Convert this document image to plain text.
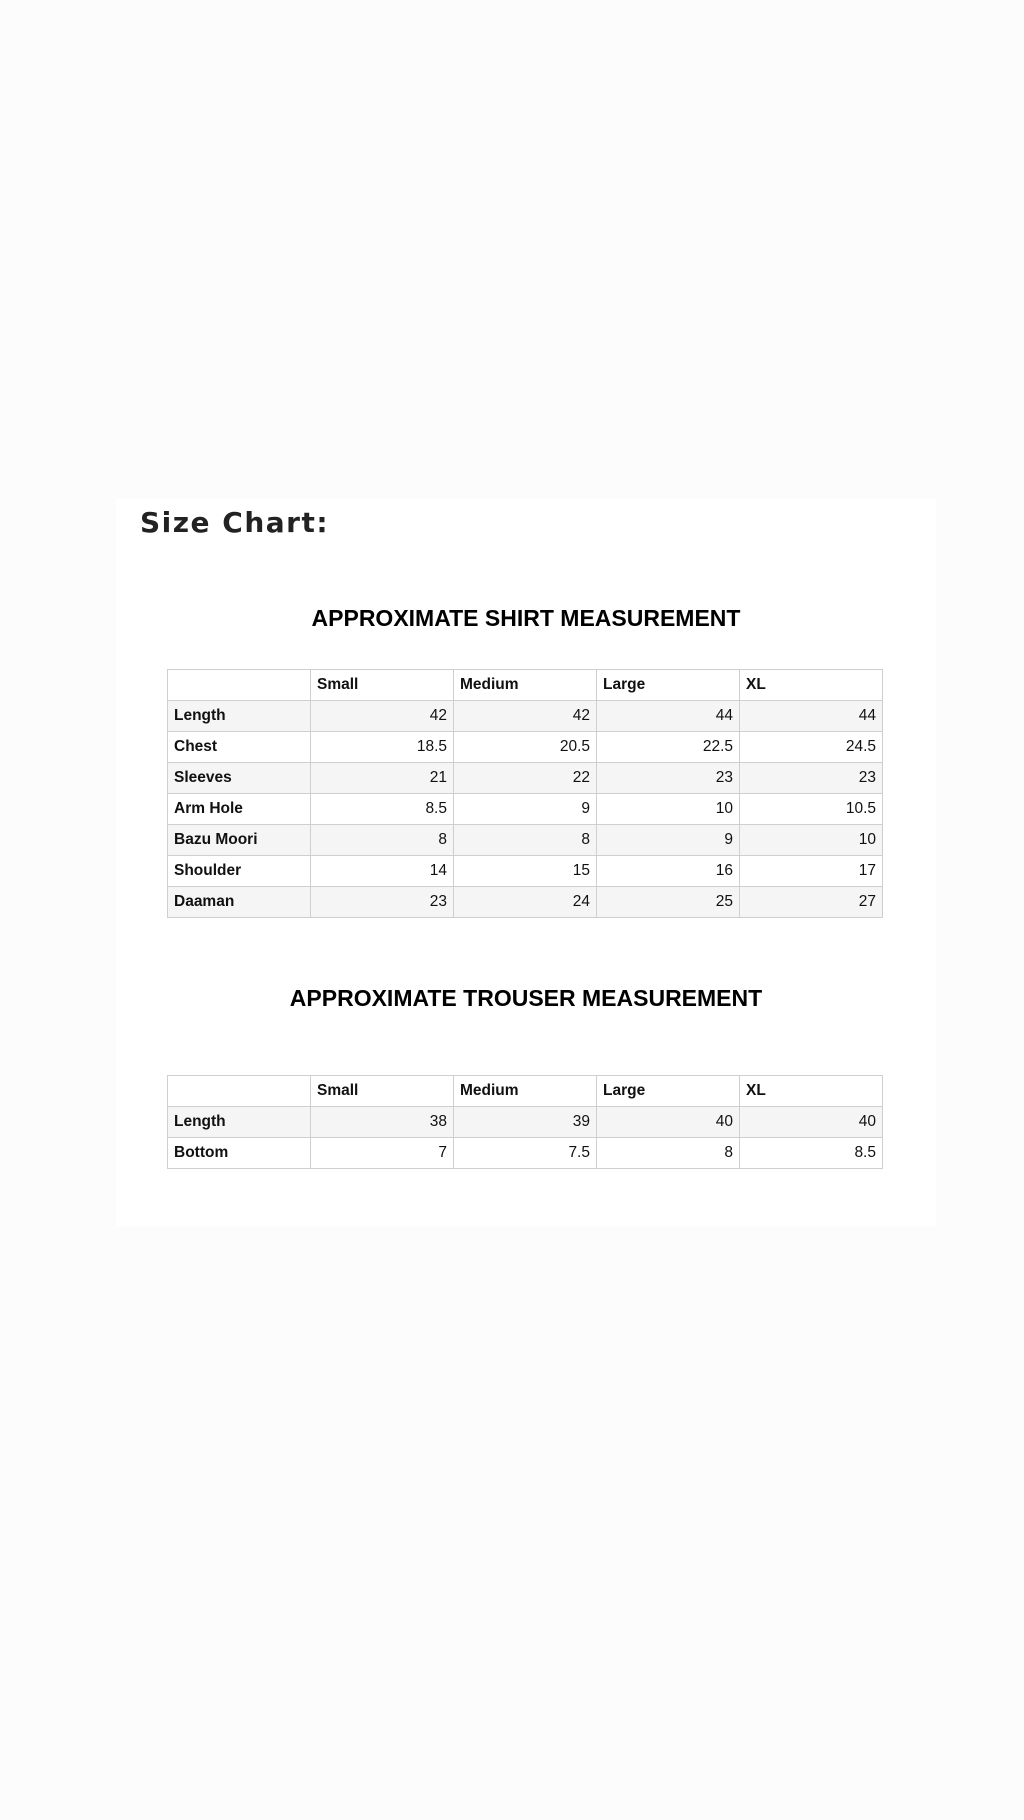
Size Chart:
APPROXIMATE SHIRT MEASUREMENT
	Small	Medium	Large	XL
Length	42	42	44	44
Chest	18.5	20.5	22.5	24.5
Sleeves	21	22	23	23
Arm Hole	8.5	9	10	10.5
Bazu Moori	8	8	9	10
Shoulder	14	15	16	17
Daaman	23	24	25	27
APPROXIMATE TROUSER MEASUREMENT
	Small	Medium	Large	XL
Length	38	39	40	40
Bottom	7	7.5	8	8.5
